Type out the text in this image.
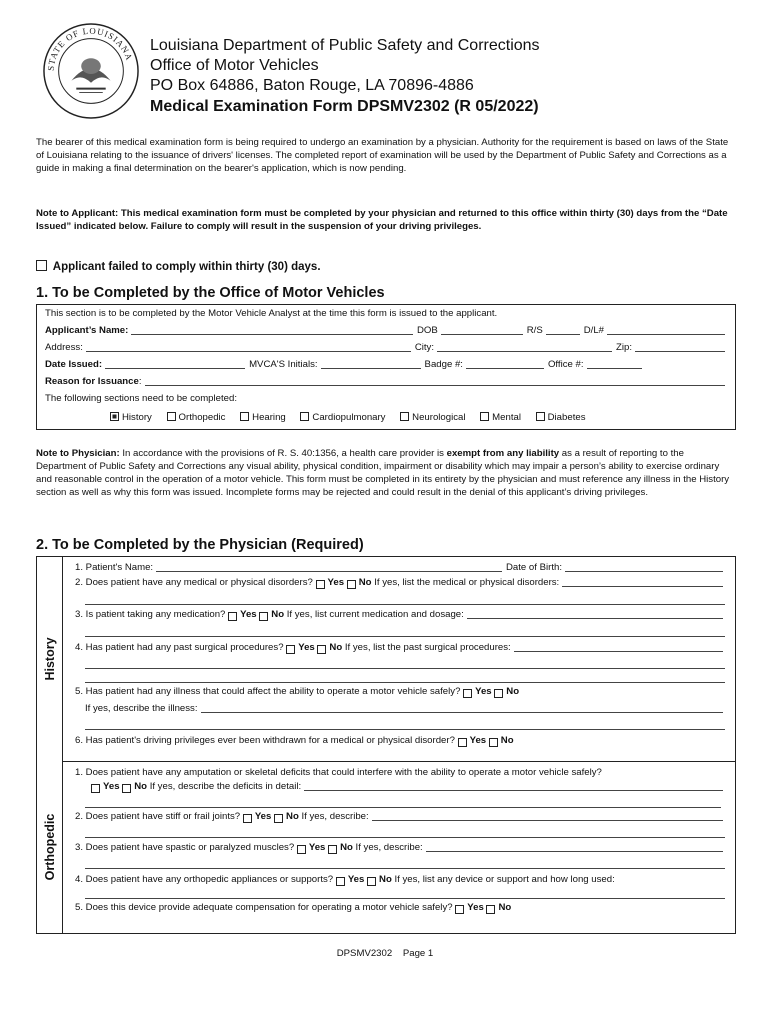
STATE OF LOUISIANA
Louisiana Department of Public Safety and Corrections
Office of Motor Vehicles
PO Box 64886, Baton Rouge, LA 70896-4886
Medical Examination Form DPSMV2302 (R 05/2022)
The bearer of this medical examination form is being required to undergo an examination by a physician. Authority for the requirement is based on laws of the State of Louisiana relating to the issuance of drivers' licenses. The completed report of examination will be used by the Department of Public Safety and Corrections as a guide in making a final determination on the bearer's application, which is now pending.
Note to Applicant: This medical examination form must be completed by your physician and returned to this office within thirty (30) days from the “Date Issued” indicated below. Failure to comply will result in the suspension of your driving privileges.
Applicant failed to comply within thirty (30) days.
1. To be Completed by the Office of Motor Vehicles
This section is to be completed by the Motor Vehicle Analyst at the time this form is issued to the applicant.
Applicant’s Name:	DOB	R/S	D/L#
Address:	City:	Zip:
Date Issued:	MVCA'S Initials:	Badge #:	Office #:
Reason for Issuance :
The following sections need to be completed:
History	Orthopedic	Hearing	Cardiopulmonary	Neurological	Mental	Diabetes
Note to Physician: In accordance with the provisions of R. S. 40:1356, a health care provider is exempt from any liability as a result of reporting to the Department of Public Safety and Corrections any visual ability, physical condition, impairment or disability which may impair a person’s ability to exercise ordinary and reasonable control in the operation of a motor vehicle. This form must be completed in its entirety by the physician and must reference any illness in the History section as well as why this form was issued. Incomplete forms may be rejected and could result in the denial of this applicant’s driving privileges.
2. To be Completed by the Physician (Required)
History
Orthopedic
1. Patient's Name:	Date of Birth:
2. Does patient have any medical or physical disorders?
Yes
No
If yes, list the medical or physical disorders:
3. Is patient taking any medication?
Yes
No
If yes, list current medication and dosage:
4. Has patient had any past surgical procedures?
Yes
No
If yes, list the past surgical procedures:
5. Has patient had any illness that could affect the ability to operate a motor vehicle safely?
Yes
No
If yes, describe the illness:
6. Has patient's driving privileges ever been withdrawn for a medical or physical disorder?
Yes
No
1. Does patient have any amputation or skeletal deficits that could interfere with the ability to operate a motor vehicle safely?
Yes
No
If yes, describe the deficits in detail:
2. Does patient have stiff or frail joints?
Yes
No
If yes, describe:
3. Does patient have spastic or paralyzed muscles?
Yes
No
If yes, describe:
4. Does patient have any orthopedic appliances or supports?
Yes
No
If yes, list any device or support and how long used:
5. Does this device provide adequate compensation for operating a motor vehicle safely?
Yes
No
DPSMV2302    Page 1
